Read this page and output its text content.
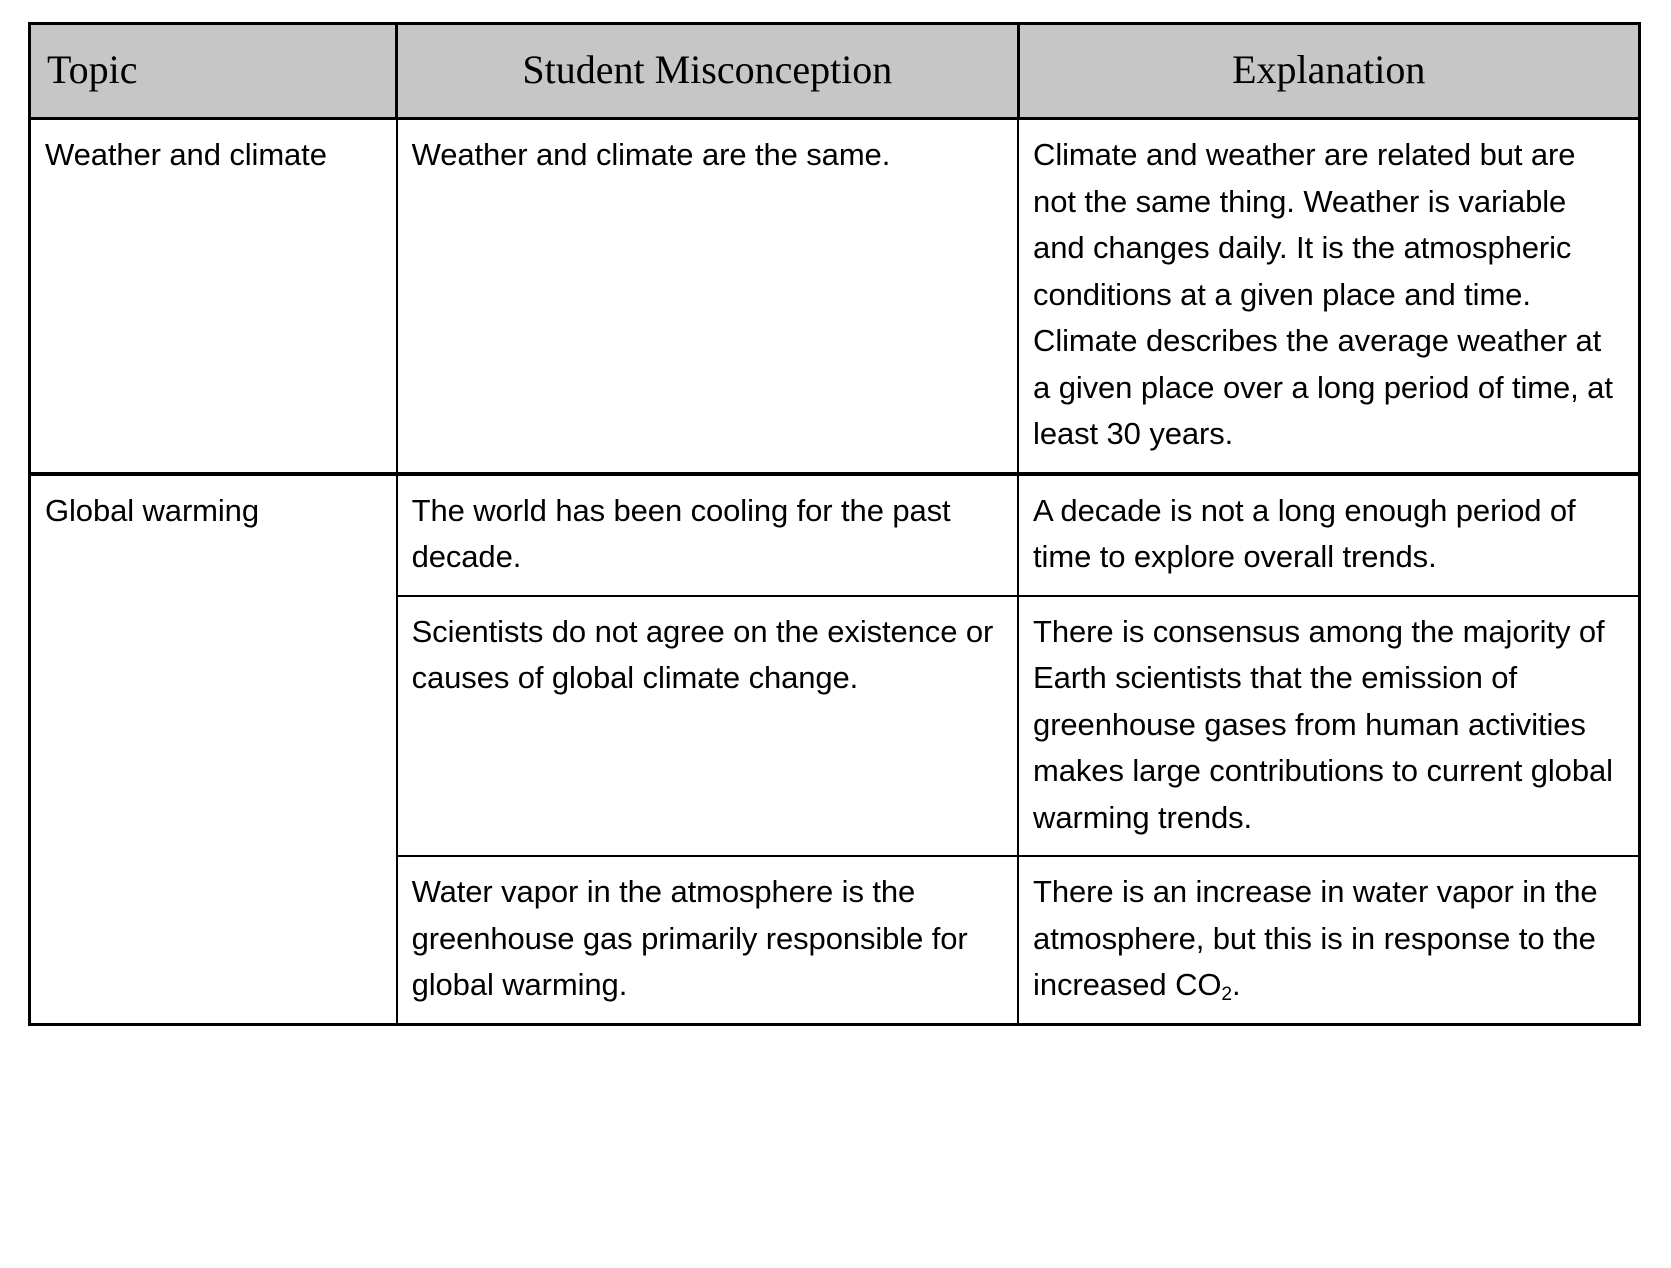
Topic	Student Misconception	Explanation
Weather and climate	Weather and climate are the same.	Climate and weather are related but are not the same thing. Weather is variable and changes daily. It is the atmospheric conditions at a given place and time. Climate describes the average weather at a given place over a long period of time, at least 30 years.
Global warming	The world has been cooling for the past decade.	A decade is not a long enough period of time to explore overall trends.
	Scientists do not agree on the existence or causes of global climate change.	There is consensus among the majority of Earth scientists that the emission of greenhouse gases from human activities makes large contributions to current global warming trends.
	Water vapor in the atmosphere is the greenhouse gas primarily responsible for global warming.	There is an increase in water vapor in the atmosphere, but this is in response to the increased $CO_2$.
